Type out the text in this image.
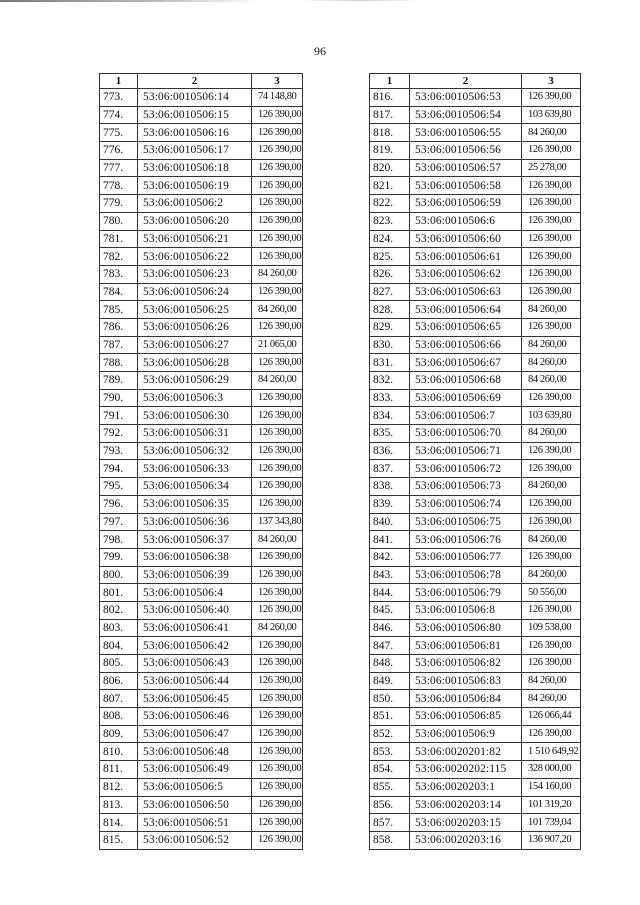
96
1	2	3
773.	53:06:0010506:14	74 148,80
774.	53:06:0010506:15	126 390,00
775.	53:06:0010506:16	126 390,00
776.	53:06:0010506:17	126 390,00
777.	53:06:0010506:18	126 390,00
778.	53:06:0010506:19	126 390,00
779.	53:06:0010506:2	126 390,00
780.	53:06:0010506:20	126 390,00
781.	53:06:0010506:21	126 390,00
782.	53:06:0010506:22	126 390,00
783.	53:06:0010506:23	84 260,00
784.	53:06:0010506:24	126 390,00
785.	53:06:0010506:25	84 260,00
786.	53:06:0010506:26	126 390,00
787.	53:06:0010506:27	21 065,00
788.	53:06:0010506:28	126 390,00
789.	53:06:0010506:29	84 260,00
790.	53:06:0010506:3	126 390,00
791.	53:06:0010506:30	126 390,00
792.	53:06:0010506:31	126 390,00
793.	53:06:0010506:32	126 390,00
794.	53:06:0010506:33	126 390,00
795.	53:06:0010506:34	126 390,00
796.	53:06:0010506:35	126 390,00
797.	53:06:0010506:36	137 343,80
798.	53:06:0010506:37	84 260,00
799.	53:06:0010506:38	126 390,00
800.	53:06:0010506:39	126 390,00
801.	53:06:0010506:4	126 390,00
802.	53:06:0010506:40	126 390,00
803.	53:06:0010506:41	84 260,00
804.	53:06:0010506:42	126 390,00
805.	53:06:0010506:43	126 390,00
806.	53:06:0010506:44	126 390,00
807.	53:06:0010506:45	126 390,00
808.	53:06:0010506:46	126 390,00
809.	53:06:0010506:47	126 390,00
810.	53:06:0010506:48	126 390,00
811.	53:06:0010506:49	126 390,00
812.	53:06:0010506:5	126 390,00
813.	53:06:0010506:50	126 390,00
814.	53:06:0010506:51	126 390,00
815.	53:06:0010506:52	126 390,00
1	2	3
816.	53:06:0010506:53	126 390,00
817.	53:06:0010506:54	103 639,80
818.	53:06:0010506:55	84 260,00
819.	53:06:0010506:56	126 390,00
820.	53:06:0010506:57	25 278,00
821.	53:06:0010506:58	126 390,00
822.	53:06:0010506:59	126 390,00
823.	53:06:0010506:6	126 390,00
824.	53:06:0010506:60	126 390,00
825.	53:06:0010506:61	126 390,00
826.	53:06:0010506:62	126 390,00
827.	53:06:0010506:63	126 390,00
828.	53:06:0010506:64	84 260,00
829.	53:06:0010506:65	126 390,00
830.	53:06:0010506:66	84 260,00
831.	53:06:0010506:67	84 260,00
832.	53:06:0010506:68	84 260,00
833.	53:06:0010506:69	126 390,00
834.	53:06:0010506:7	103 639,80
835.	53:06:0010506:70	84 260,00
836.	53:06:0010506:71	126 390,00
837.	53:06:0010506:72	126 390,00
838.	53:06:0010506:73	84 260,00
839.	53:06:0010506:74	126 390,00
840.	53:06:0010506:75	126 390,00
841.	53:06:0010506:76	84 260,00
842.	53:06:0010506:77	126 390,00
843.	53:06:0010506:78	84 260,00
844.	53:06:0010506:79	50 556,00
845.	53:06:0010506:8	126 390,00
846.	53:06:0010506:80	109 538,00
847.	53:06:0010506:81	126 390,00
848.	53:06:0010506:82	126 390,00
849.	53:06:0010506:83	84 260,00
850.	53:06:0010506:84	84 260,00
851.	53:06:0010506:85	126 066,44
852.	53:06:0010506:9	126 390,00
853.	53:06:0020201:82	1 510 649,92
854.	53:06:0020202:115	328 000,00
855.	53:06:0020203:1	154 160,00
856.	53:06:0020203:14	101 319,20
857.	53:06:0020203:15	101 739,04
858.	53:06:0020203:16	136 907,20
